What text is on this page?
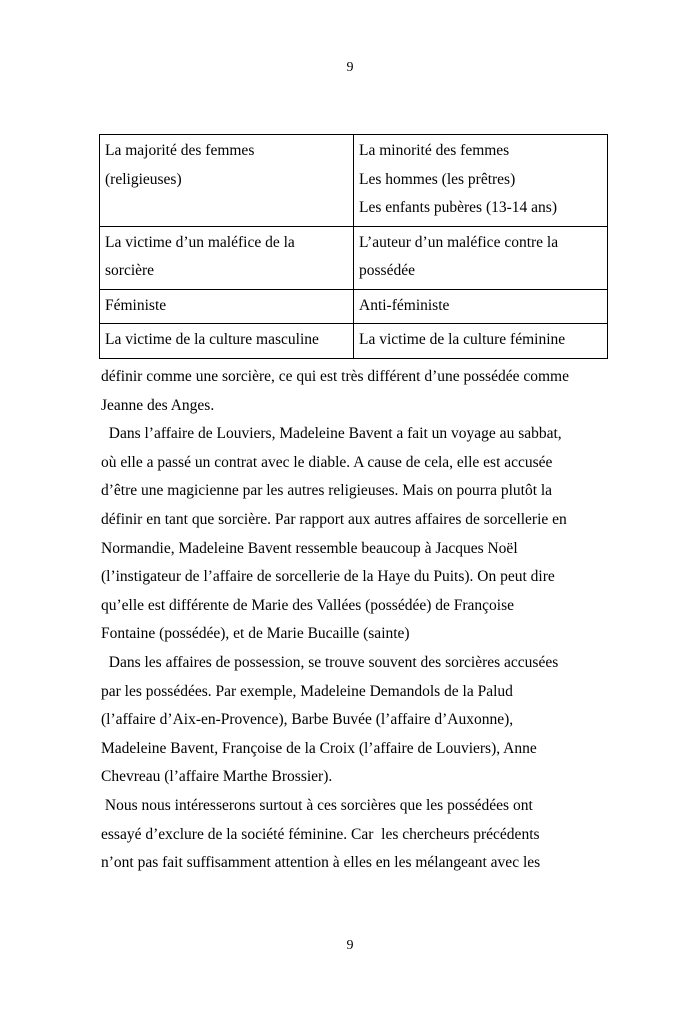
9
La majorité des femmes
(religieuses)	La minorité des femmes
Les hommes (les prêtres)
Les enfants pubères (13-14 ans)

La victime d’un maléfice de la
sorcière	L’auteur d’un maléfice contre la
possédée

Féministe	Anti-féministe

La victime de la culture masculine	La victime de la culture féminine

définir comme une sorcière, ce qui est très différent d’une possédée comme
Jeanne des Anges.

Dans l’affaire de Louviers, Madeleine Bavent a fait un voyage au sabbat,
où elle a passé un contrat avec le diable. A cause de cela, elle est accusée
d’être une magicienne par les autres religieuses. Mais on pourra plutôt la
définir en tant que sorcière. Par rapport aux autres affaires de sorcellerie en
Normandie, Madeleine Bavent ressemble beaucoup à Jacques Noël
(l’instigateur de l’affaire de sorcellerie de la Haye du Puits). On peut dire
qu’elle est différente de Marie des Vallées (possédée) de Françoise
Fontaine (possédée), et de Marie Bucaille (sainte)

Dans les affaires de possession, se trouve souvent des sorcières accusées
par les possédées. Par exemple, Madeleine Demandols de la Palud
(l’affaire d’Aix-en-Provence), Barbe Buvée (l’affaire d’Auxonne),
Madeleine Bavent, Françoise de la Croix (l’affaire de Louviers), Anne
Chevreau (l’affaire Marthe Brossier).

Nous nous intéresserons surtout à ces sorcières que les possédées ont
essayé d’exclure de la société féminine. Car  les chercheurs précédents
n’ont pas fait suffisamment attention à elles en les mélangeant avec les

9
